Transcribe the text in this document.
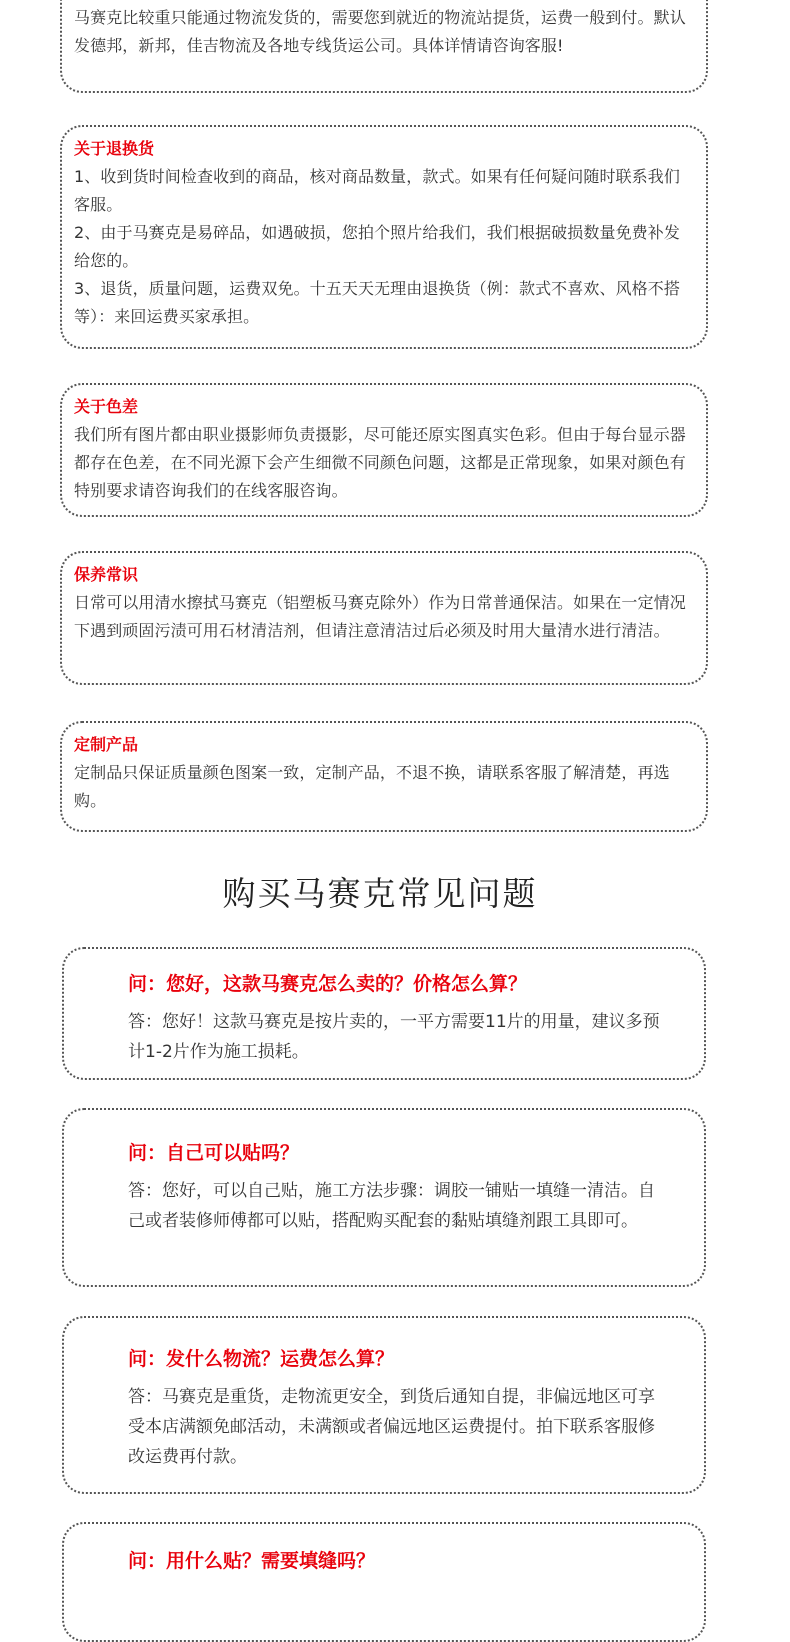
马赛克比较重只能通过物流发货的，需要您到就近的物流站提货，运费一般到付。默认发德邦，新邦，佳吉物流及各地专线货运公司。具体详情请咨询客服!

关于退换货

1、收到货时间检查收到的商品，核对商品数量，款式。如果有任何疑问随时联系我们客服。

2、由于马赛克是易碎品，如遇破损，您拍个照片给我们，我们根据破损数量免费补发给您的。

3、退货，质量问题，运费双免。十五天天无理由退换货（例：款式不喜欢、风格不搭等）：来回运费买家承担。

关于色差

我们所有图片都由职业摄影师负责摄影，尽可能还原实图真实色彩。但由于每台显示器都存在色差，在不同光源下会产生细微不同颜色问题，这都是正常现象，如果对颜色有特别要求请咨询我们的在线客服咨询。

保养常识

日常可以用清水擦拭马赛克（铝塑板马赛克除外）作为日常普通保洁。如果在一定情况下遇到顽固污渍可用石材清洁剂，但请注意清洁过后必须及时用大量清水进行清洁。

定制产品

定制品只保证质量颜色图案一致，定制产品，不退不换，请联系客服了解清楚，再选购。

购买马赛克常见问题
问：您好，这款马赛克怎么卖的？价格怎么算？
答：您好！这款马赛克是按片卖的，一平方需要11片的用量，建议多预计1-2片作为施工损耗。
问：自己可以贴吗？
答：您好，可以自己贴，施工方法步骤：调胶一铺贴一填缝一清洁。自己或者装修师傅都可以贴，搭配购买配套的黏贴填缝剂跟工具即可。
问：发什么物流？运费怎么算？
答：马赛克是重货，走物流更安全，到货后通知自提，非偏远地区可享受本店满额免邮活动，未满额或者偏远地区运费提付。拍下联系客服修改运费再付款。
问：用什么贴？需要填缝吗？
